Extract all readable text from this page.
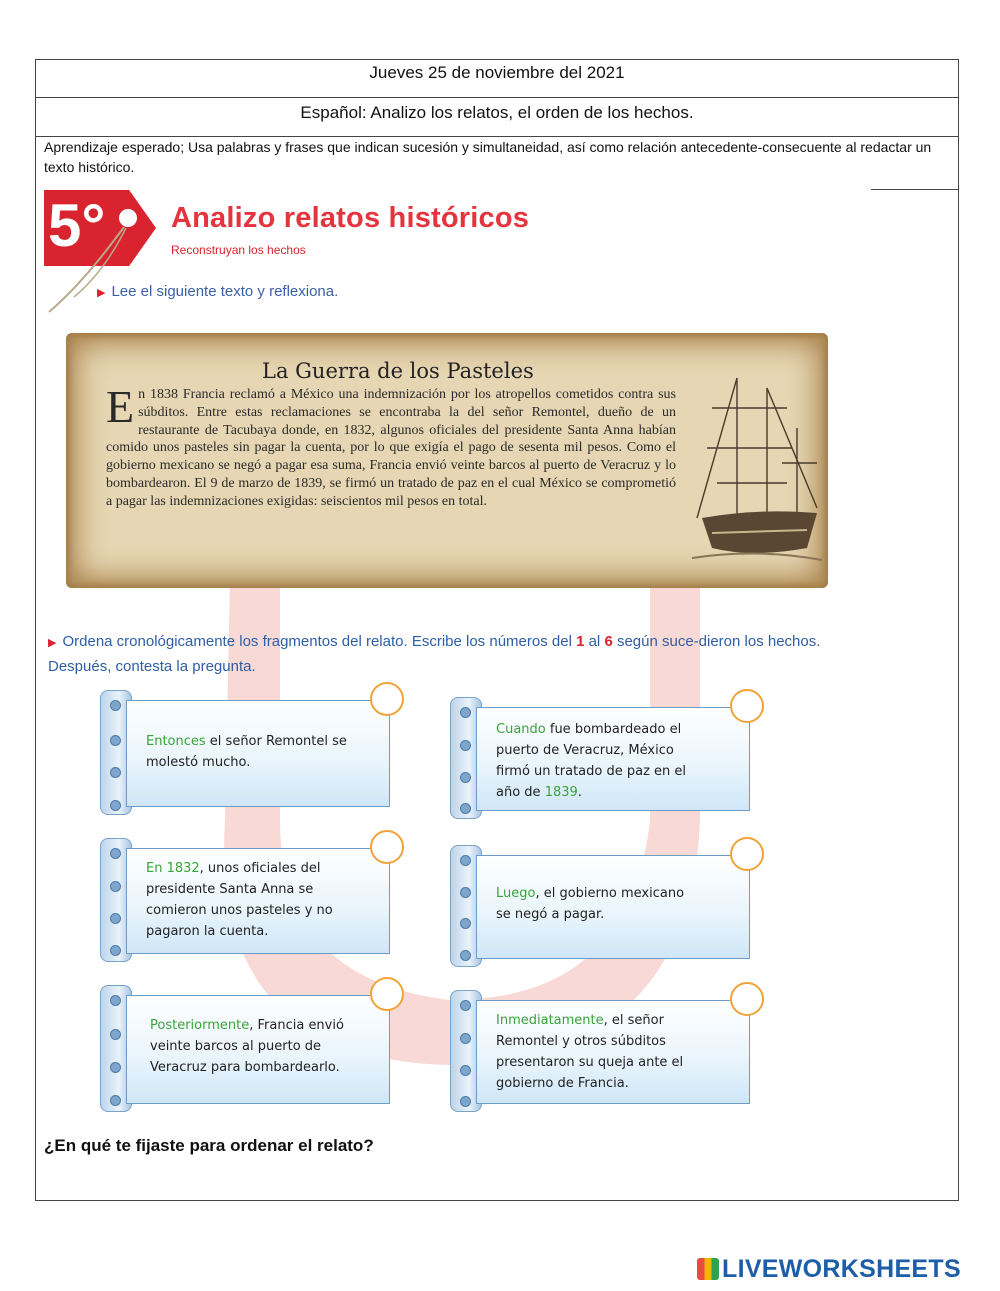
Jueves 25 de noviembre del 2021
Español: Analizo los relatos, el orden de los hechos.
Aprendizaje esperado; Usa palabras y frases que indican sucesión y simultaneidad, así como relación antecedente-consecuente al redactar un texto histórico.
5° Analizo relatos históricos
Reconstruyan los hechos
▶ Lee el siguiente texto y reflexiona.
La Guerra de los Pasteles
En 1838 Francia reclamó a México una indemnización por los atropellos cometidos contra sus súbditos. Entre estas reclamaciones se encontraba la del señor Remontel, dueño de un restaurante de Tacubaya donde, en 1832, algunos oficiales del presidente Santa Anna habían comido unos pasteles sin pagar la cuenta, por lo que exigía el pago de sesenta mil pesos. Como el gobierno mexicano se negó a pagar esa suma, Francia envió veinte barcos al puerto de Veracruz y lo bombardearon. El 9 de marzo de 1839, se firmó un tratado de paz en el cual México se comprometió a pagar las indemnizaciones exigidas: seiscientos mil pesos en total.
▶ Ordena cronológicamente los fragmentos del relato. Escribe los números del 1 al 6 según suce-dieron los hechos. Después, contesta la pregunta.
Entonces el señor Remontel se
molestó mucho.
Cuando fue bombardeado el
puerto de Veracruz, México
firmó un tratado de paz en el
año de 1839.
En 1832, unos oficiales del
presidente Santa Anna se
comieron unos pasteles y no
pagaron la cuenta.
Luego, el gobierno mexicano
se negó a pagar.
Posteriormente, Francia envió
veinte barcos al puerto de
Veracruz para bombardearlo.
Inmediatamente, el señor
Remontel y otros súbditos
presentaron su queja ante el
gobierno de Francia.
¿En qué te fijaste para ordenar el relato?
LIVEWORKSHEETS
